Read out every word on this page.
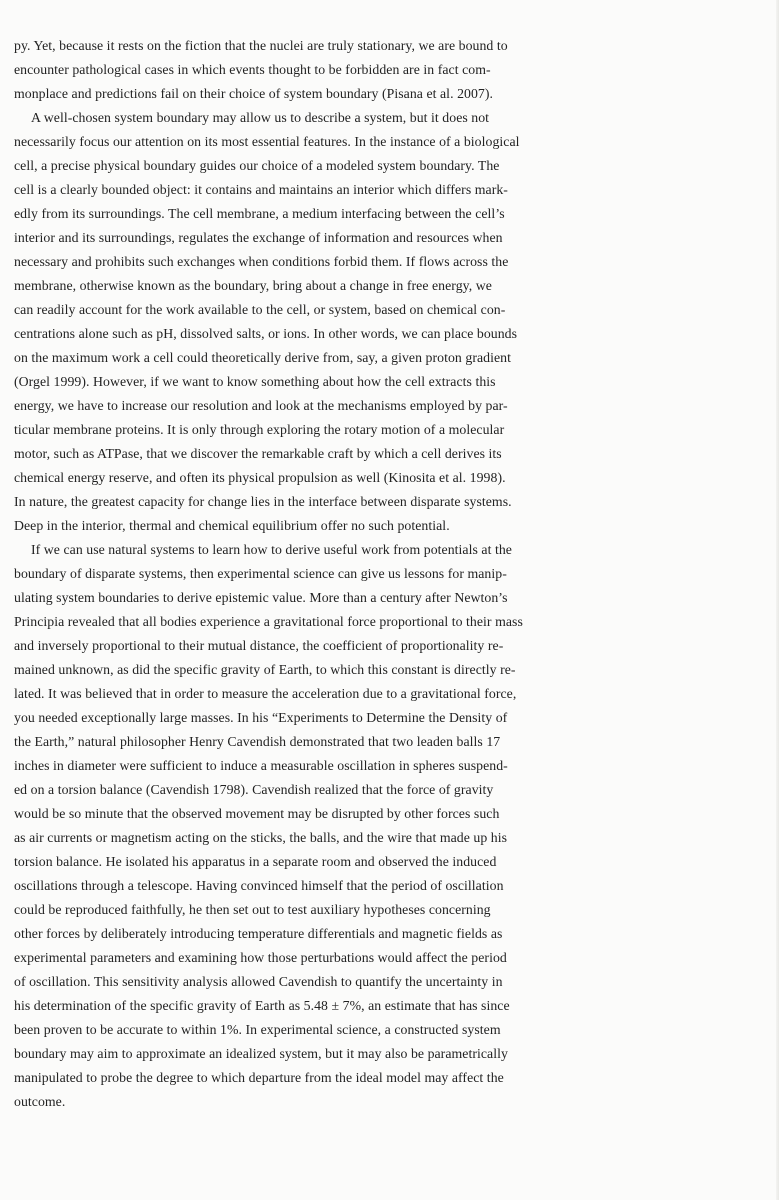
py. Yet, because it rests on the fiction that the nuclei are truly stationary, we are bound to
encounter pathological cases in which events thought to be forbidden are in fact com-
monplace and predictions fail on their choice of system boundary (Pisana et al. 2007).
A well-chosen system boundary may allow us to describe a system, but it does not
necessarily focus our attention on its most essential features. In the instance of a biological
cell, a precise physical boundary guides our choice of a modeled system boundary. The
cell is a clearly bounded object: it contains and maintains an interior which differs mark-
edly from its surroundings. The cell membrane, a medium interfacing between the cell’s
interior and its surroundings, regulates the exchange of information and resources when
necessary and prohibits such exchanges when conditions forbid them. If flows across the
membrane, otherwise known as the boundary, bring about a change in free energy, we
can readily account for the work available to the cell, or system, based on chemical con-
centrations alone such as pH, dissolved salts, or ions. In other words, we can place bounds
on the maximum work a cell could theoretically derive from, say, a given proton gradient
(Orgel 1999). However, if we want to know something about how the cell extracts this
energy, we have to increase our resolution and look at the mechanisms employed by par-
ticular membrane proteins. It is only through exploring the rotary motion of a molecular
motor, such as ATPase, that we discover the remarkable craft by which a cell derives its
chemical energy reserve, and often its physical propulsion as well (Kinosita et al. 1998).
In nature, the greatest capacity for change lies in the interface between disparate systems.
Deep in the interior, thermal and chemical equilibrium offer no such potential.
If we can use natural systems to learn how to derive useful work from potentials at the
boundary of disparate systems, then experimental science can give us lessons for manip-
ulating system boundaries to derive epistemic value. More than a century after Newton’s
Principia revealed that all bodies experience a gravitational force proportional to their mass
and inversely proportional to their mutual distance, the coefficient of proportionality re-
mained unknown, as did the specific gravity of Earth, to which this constant is directly re-
lated. It was believed that in order to measure the acceleration due to a gravitational force,
you needed exceptionally large masses. In his “Experiments to Determine the Density of
the Earth,” natural philosopher Henry Cavendish demonstrated that two leaden balls 17
inches in diameter were sufficient to induce a measurable oscillation in spheres suspend-
ed on a torsion balance (Cavendish 1798). Cavendish realized that the force of gravity
would be so minute that the observed movement may be disrupted by other forces such
as air currents or magnetism acting on the sticks, the balls, and the wire that made up his
torsion balance. He isolated his apparatus in a separate room and observed the induced
oscillations through a telescope. Having convinced himself that the period of oscillation
could be reproduced faithfully, he then set out to test auxiliary hypotheses concerning
other forces by deliberately introducing temperature differentials and magnetic fields as
experimental parameters and examining how those perturbations would affect the period
of oscillation. This sensitivity analysis allowed Cavendish to quantify the uncertainty in
his determination of the specific gravity of Earth as 5.48 ± 7%, an estimate that has since
been proven to be accurate to within 1%. In experimental science, a constructed system
boundary may aim to approximate an idealized system, but it may also be parametrically
manipulated to probe the degree to which departure from the ideal model may affect the
outcome.
